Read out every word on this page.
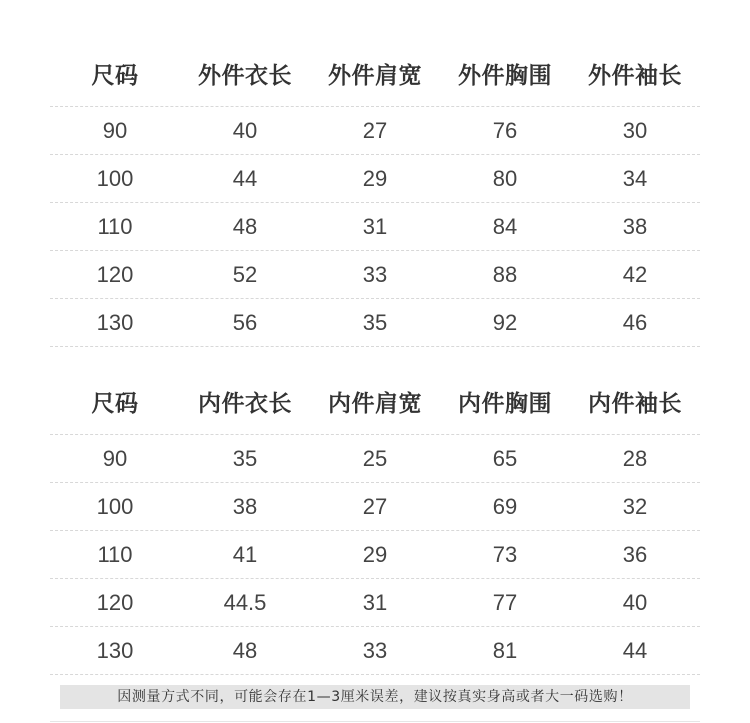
尺码	外件衣长	外件肩宽	外件胸围	外件袖长
90	40	27	76	30
100	44	29	80	34
110	48	31	84	38
120	52	33	88	42
130	56	35	92	46
尺码	内件衣长	内件肩宽	内件胸围	内件袖长
90	35	25	65	28
100	38	27	69	32
110	41	29	73	36
120	44.5	31	77	40
130	48	33	81	44
因测量方式不同，可能会存在1—3厘米误差，建议按真实身高或者大一码选购！
